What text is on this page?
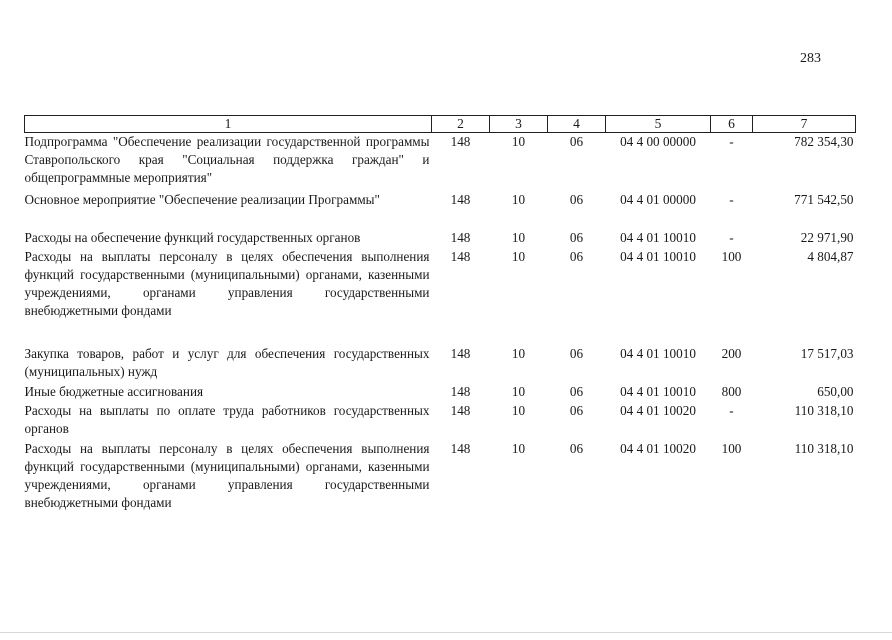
283
1	2	3	4	5	6	7
Подпрограмма "Обеспечение реализации государственной программы Ставропольского края "Социальная поддержка граждан" и общепрограммные мероприятия"	148	10	06	04 4 00 00000	-	782 354,30
Основное мероприятие "Обеспечение реализации Программы"	148	10	06	04 4 01 00000	-	771 542,50
Расходы на обеспечение функций государственных органов	148	10	06	04 4 01 10010	-	22 971,90
Расходы на выплаты персоналу в целях обеспечения выполнения функций государственными (муниципальными) органами, казенными учреждениями, органами управления государственными внебюджетными фондами	148	10	06	04 4 01 10010	100	4 804,87
Закупка товаров, работ и услуг для обеспечения государственных (муниципальных) нужд	148	10	06	04 4 01 10010	200	17 517,03
Иные бюджетные ассигнования	148	10	06	04 4 01 10010	800	650,00
Расходы на выплаты по оплате труда работников государственных органов	148	10	06	04 4 01 10020	-	110 318,10
Расходы на выплаты персоналу в целях обеспечения выполнения функций государственными (муниципальными) органами, казенными учреждениями, органами управления государственными внебюджетными фондами	148	10	06	04 4 01 10020	100	110 318,10
